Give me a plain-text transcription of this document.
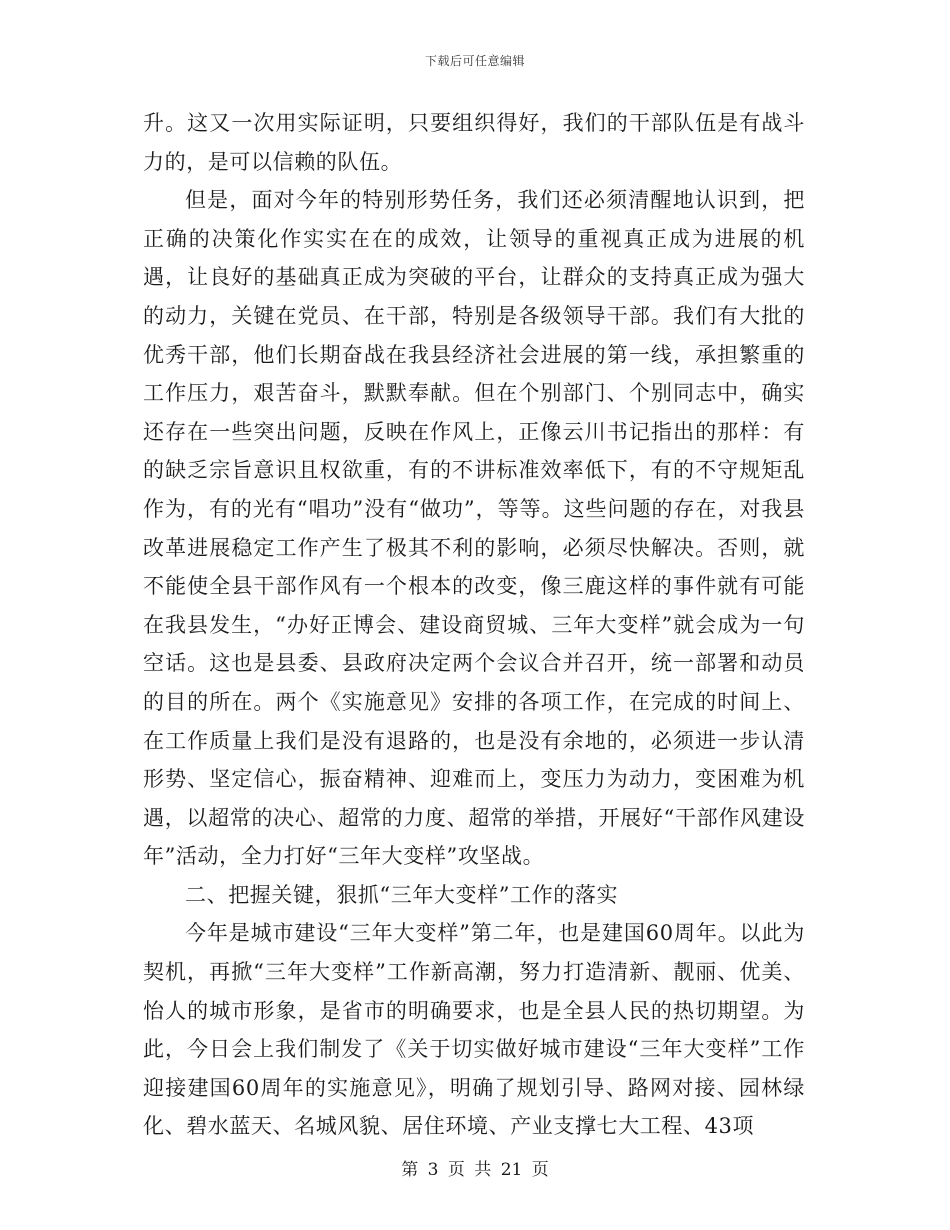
下载后可任意编辑

升。这又一次用实际证明，只要组织得好，我们的干部队伍是有战斗力的，是可以信赖的队伍。

但是，面对今年的特别形势任务，我们还必须清醒地认识到，把正确的决策化作实实在在的成效，让领导的重视真正成为进展的机遇，让良好的基础真正成为突破的平台，让群众的支持真正成为强大的动力，关键在党员、在干部，特别是各级领导干部。我们有大批的优秀干部，他们长期奋战在我县经济社会进展的第一线，承担繁重的工作压力，艰苦奋斗，默默奉献。但在个别部门、个别同志中，确实还存在一些突出问题，反映在作风上，正像云川书记指出的那样：有的缺乏宗旨意识且权欲重，有的不讲标准效率低下，有的不守规矩乱作为，有的光有“唱功”没有“做功”，等等。这些问题的存在，对我县改革进展稳定工作产生了极其不利的影响，必须尽快解决。否则，就不能使全县干部作风有一个根本的改变，像三鹿这样的事件就有可能在我县发生，“办好正博会、建设商贸城、三年大变样”就会成为一句空话。这也是县委、县政府决定两个会议合并召开，统一部署和动员的目的所在。两个《实施意见》安排的各项工作，在完成的时间上、在工作质量上我们是没有退路的，也是没有余地的，必须进一步认清形势、坚定信心，振奋精神、迎难而上，变压力为动力，变困难为机遇，以超常的决心、超常的力度、超常的举措，开展好“干部作风建设年”活动，全力打好“三年大变样”攻坚战。

二、把握关键，狠抓“三年大变样”工作的落实

今年是城市建设“三年大变样”第二年，也是建国60周年。以此为契机，再掀“三年大变样”工作新高潮，努力打造清新、靓丽、优美、怡人的城市形象，是省市的明确要求，也是全县人民的热切期望。为此，今日会上我们制发了《关于切实做好城市建设“三年大变样”工作迎接建国60周年的实施意见》，明确了规划引导、路网对接、园林绿化、碧水蓝天、名城风貌、居住环境、产业支撑七大工程、43项

第 3 页 共 21 页
